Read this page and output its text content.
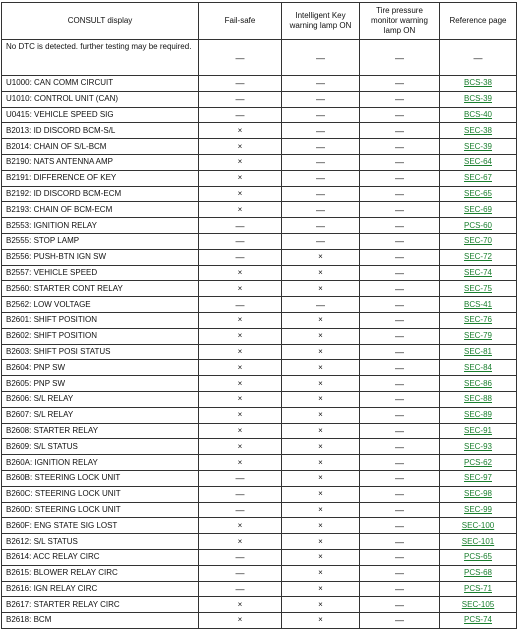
CONSULT display	Fail-safe	Intelligent Key warning lamp ON	Tire pressure monitor warning lamp ON	Reference page
No DTC is detected. further testing may be required.	—	—	—	—
U1000: CAN COMM CIRCUIT	—	—	—	BCS-38
U1010: CONTROL UNIT (CAN)	—	—	—	BCS-39
U0415: VEHICLE SPEED SIG	—	—	—	BCS-40
B2013: ID DISCORD BCM-S/L	×	—	—	SEC-38
B2014: CHAIN OF S/L-BCM	×	—	—	SEC-39
B2190: NATS ANTENNA AMP	×	—	—	SEC-64
B2191: DIFFERENCE OF KEY	×	—	—	SEC-67
B2192: ID DISCORD BCM-ECM	×	—	—	SEC-65
B2193: CHAIN OF BCM-ECM	×	—	—	SEC-69
B2553: IGNITION RELAY	—	—	—	PCS-60
B2555: STOP LAMP	—	—	—	SEC-70
B2556: PUSH-BTN IGN SW	—	×	—	SEC-72
B2557: VEHICLE SPEED	×	×	—	SEC-74
B2560: STARTER CONT RELAY	×	×	—	SEC-75
B2562: LOW VOLTAGE	—	—	—	BCS-41
B2601: SHIFT POSITION	×	×	—	SEC-76
B2602: SHIFT POSITION	×	×	—	SEC-79
B2603: SHIFT POSI STATUS	×	×	—	SEC-81
B2604: PNP SW	×	×	—	SEC-84
B2605: PNP SW	×	×	—	SEC-86
B2606: S/L RELAY	×	×	—	SEC-88
B2607: S/L RELAY	×	×	—	SEC-89
B2608: STARTER RELAY	×	×	—	SEC-91
B2609: S/L STATUS	×	×	—	SEC-93
B260A: IGNITION RELAY	×	×	—	PCS-62
B260B: STEERING LOCK UNIT	—	×	—	SEC-97
B260C: STEERING LOCK UNIT	—	×	—	SEC-98
B260D: STEERING LOCK UNIT	—	×	—	SEC-99
B260F: ENG STATE SIG LOST	×	×	—	SEC-100
B2612: S/L STATUS	×	×	—	SEC-101
B2614: ACC RELAY CIRC	—	×	—	PCS-65
B2615: BLOWER RELAY CIRC	—	×	—	PCS-68
B2616: IGN RELAY CIRC	—	×	—	PCS-71
B2617: STARTER RELAY CIRC	×	×	—	SEC-105
B2618: BCM	×	×	—	PCS-74
